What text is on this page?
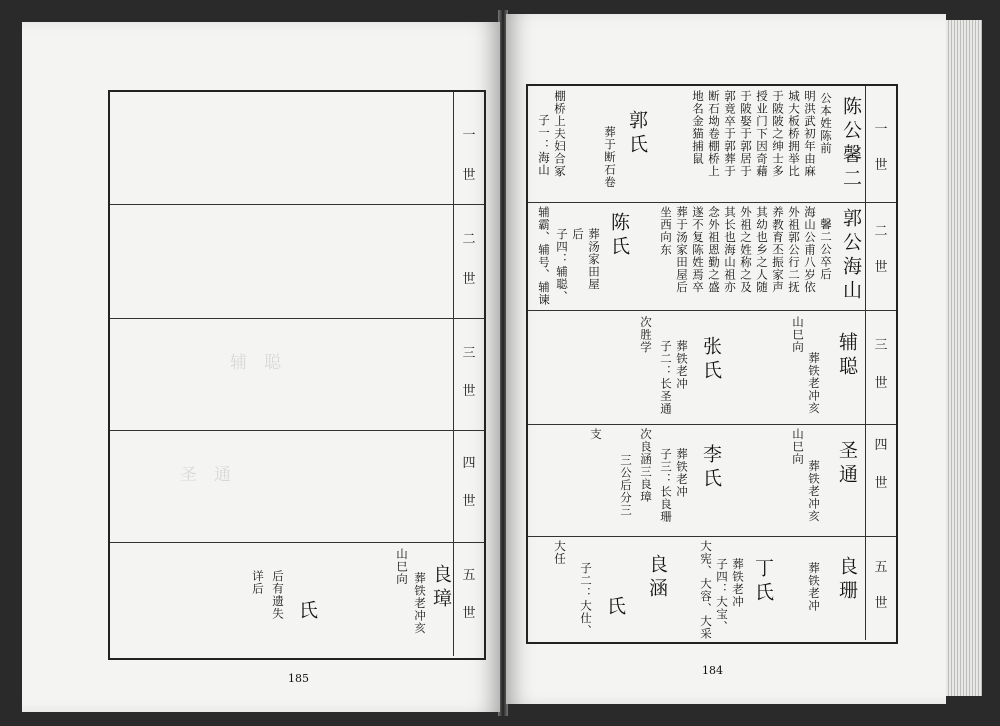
一
世
二
世
三
世
辅　聪
四
世
圣　通
五
世
良璋
葬铁老冲亥
山巳向
氏
后有遗失
详后
185
一
世
陈公馨二
公本姓陈前
明洪武初年由麻
城大板桥拥举比
于陂陂之绅士多
授业门下因奇藉
于陂娶于郭居于
郭竟卒于郭葬于
断石坳卷棚桥上
地名金猫捕鼠
郭氏
葬于断石卷
棚桥上夫妇合冢
子一：海山
二
世
郭公海山
馨二公卒后
海山公甫八岁依
外祖郭公行二抚
养教育丕振家声
其幼也乡之人随
外祖之姓称之及
其长也海山祖亦
念外祖恩勤之盛
遂不复陈姓焉卒
葬于汤家田屋后
坐西向东
陈氏
葬汤家田屋
后
子四：辅聪、
辅霸、辅号、辅谏
三
世
辅聪
葬铁老冲亥
山巳向
张氏
葬铁老冲
子二：长圣通
次胜学
四
世
圣通
葬铁老冲亥
山巳向
李氏
葬铁老冲
子三：长良珊
次良涵三良璋
三公后分三
支
五
世
良珊
葬铁老冲
丁氏
葬铁老冲
子四：大宝、
大宪、大容、大采
良涵
氏
子二：大仕、
大任
184
